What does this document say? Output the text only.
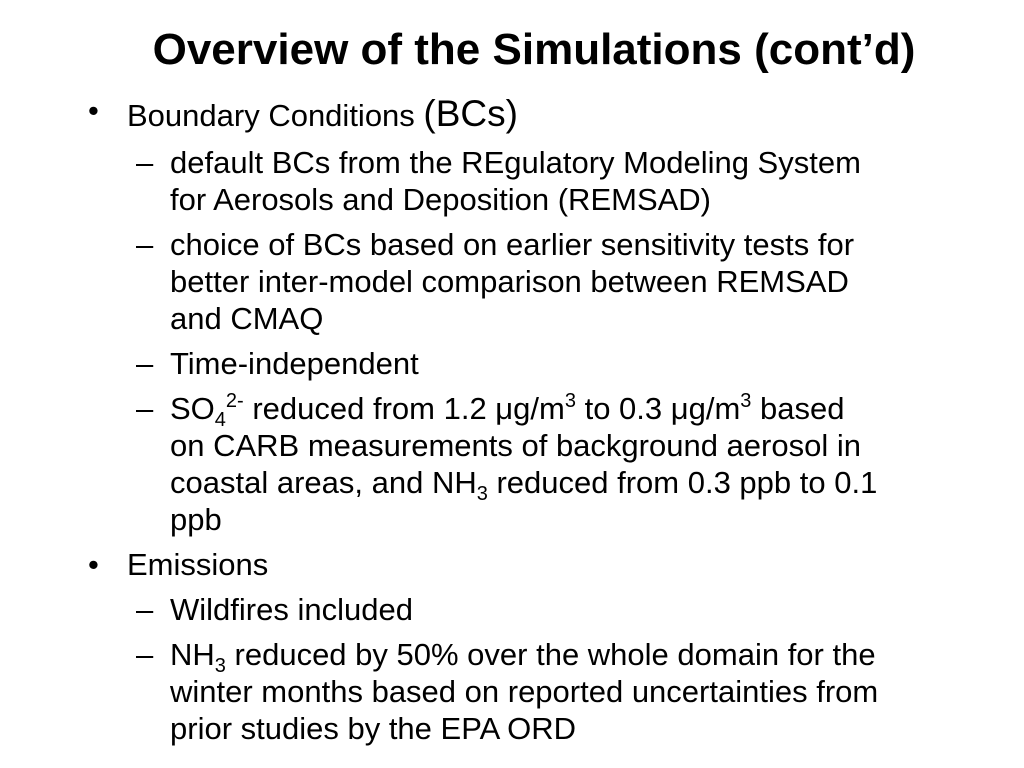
Overview of the Simulations (cont’d)
• Boundary Conditions (BCs)
– default BCs from the REgulatory Modeling System
for Aerosols and Deposition (REMSAD)
– choice of BCs based on earlier sensitivity tests for
better inter-model comparison between REMSAD
and CMAQ
– Time-independent
– $SO_4^{2-}$ reduced from 1.2 $\mu g/m^3$ to 0.3 $\mu g/m^3$ based
on CARB measurements of background aerosol in
coastal areas, and $NH_3$ reduced from 0.3 ppb to 0.1
ppb
• Emissions
– Wildfires included
– $NH_3$ reduced by 50% over the whole domain for the
winter months based on reported uncertainties from
prior studies by the EPA ORD
